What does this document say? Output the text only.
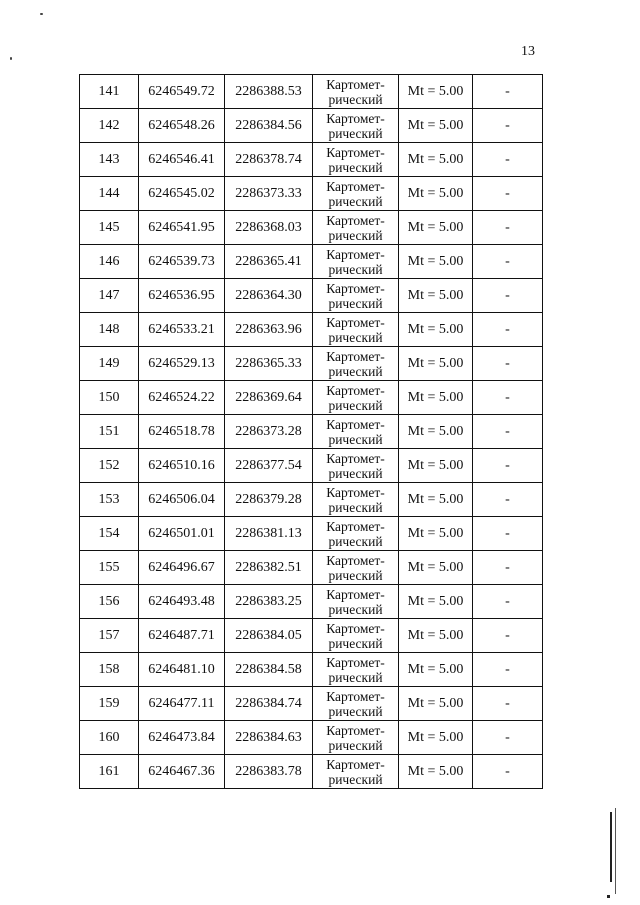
13
141	6246549.72	2286388.53	Картомет-
рический	Mt = 5.00	-
142	6246548.26	2286384.56	Картомет-
рический	Mt = 5.00	-
143	6246546.41	2286378.74	Картомет-
рический	Mt = 5.00	-
144	6246545.02	2286373.33	Картомет-
рический	Mt = 5.00	-
145	6246541.95	2286368.03	Картомет-
рический	Mt = 5.00	-
146	6246539.73	2286365.41	Картомет-
рический	Mt = 5.00	-
147	6246536.95	2286364.30	Картомет-
рический	Mt = 5.00	-
148	6246533.21	2286363.96	Картомет-
рический	Mt = 5.00	-
149	6246529.13	2286365.33	Картомет-
рический	Mt = 5.00	-
150	6246524.22	2286369.64	Картомет-
рический	Mt = 5.00	-
151	6246518.78	2286373.28	Картомет-
рический	Mt = 5.00	-
152	6246510.16	2286377.54	Картомет-
рический	Mt = 5.00	-
153	6246506.04	2286379.28	Картомет-
рический	Mt = 5.00	-
154	6246501.01	2286381.13	Картомет-
рический	Mt = 5.00	-
155	6246496.67	2286382.51	Картомет-
рический	Mt = 5.00	-
156	6246493.48	2286383.25	Картомет-
рический	Mt = 5.00	-
157	6246487.71	2286384.05	Картомет-
рический	Mt = 5.00	-
158	6246481.10	2286384.58	Картомет-
рический	Mt = 5.00	-
159	6246477.11	2286384.74	Картомет-
рический	Mt = 5.00	-
160	6246473.84	2286384.63	Картомет-
рический	Mt = 5.00	-
161	6246467.36	2286383.78	Картомет-
рический	Mt = 5.00	-
